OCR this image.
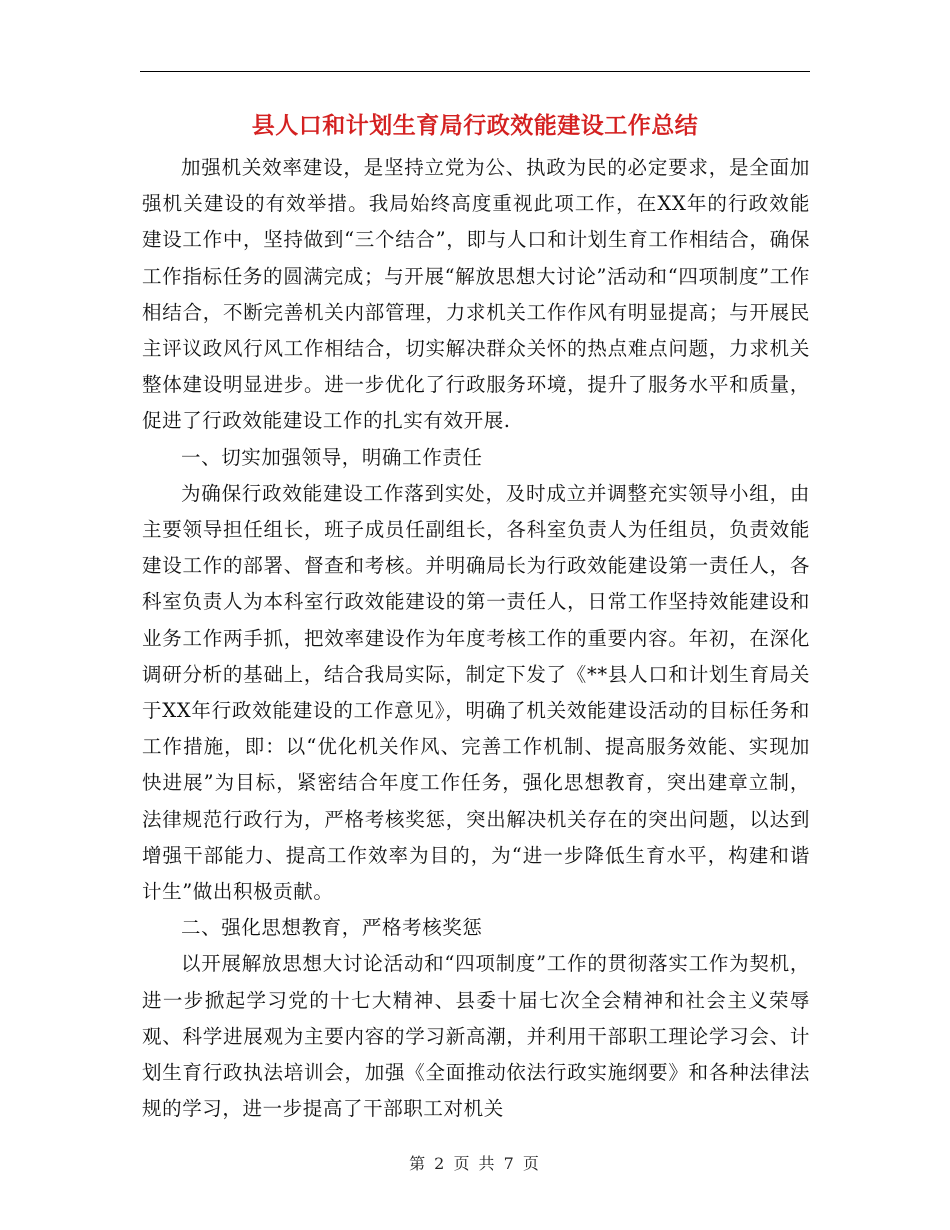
县人口和计划生育局行政效能建设工作总结

加强机关效率建设，是坚持立党为公、执政为民的必定要求，是全面加强机关建设的有效举措。我局始终高度重视此项工作，在XX年的行政效能建设工作中，坚持做到“三个结合”，即与人口和计划生育工作相结合，确保工作指标任务的圆满完成；与开展“解放思想大讨论”活动和“四项制度”工作相结合，不断完善机关内部管理，力求机关工作作风有明显提高；与开展民主评议政风行风工作相结合，切实解决群众关怀的热点难点问题，力求机关整体建设明显进步。进一步优化了行政服务环境，提升了服务水平和质量，促进了行政效能建设工作的扎实有效开展.

一、切实加强领导，明确工作责任

为确保行政效能建设工作落到实处，及时成立并调整充实领导小组，由主要领导担任组长，班子成员任副组长，各科室负责人为任组员，负责效能建设工作的部署、督查和考核。并明确局长为行政效能建设第一责任人，各科室负责人为本科室行政效能建设的第一责任人，日常工作坚持效能建设和业务工作两手抓，把效率建设作为年度考核工作的重要内容。年初，在深化调研分析的基础上，结合我局实际，制定下发了《**县人口和计划生育局关于XX年行政效能建设的工作意见》，明确了机关效能建设活动的目标任务和工作措施，即：以“优化机关作风、完善工作机制、提高服务效能、实现加快进展”为目标，紧密结合年度工作任务，强化思想教育，突出建章立制，法律规范行政行为，严格考核奖惩，突出解决机关存在的突出问题，以达到增强干部能力、提高工作效率为目的，为“进一步降低生育水平，构建和谐计生”做出积极贡献。

二、强化思想教育，严格考核奖惩

以开展解放思想大讨论活动和“四项制度”工作的贯彻落实工作为契机，进一步掀起学习党的十七大精神、县委十届七次全会精神和社会主义荣辱观、科学进展观为主要内容的学习新高潮，并利用干部职工理论学习会、计划生育行政执法培训会，加强《全面推动依法行政实施纲要》和各种法律法规的学习，进一步提高了干部职工对机关

第 2 页 共 7 页
